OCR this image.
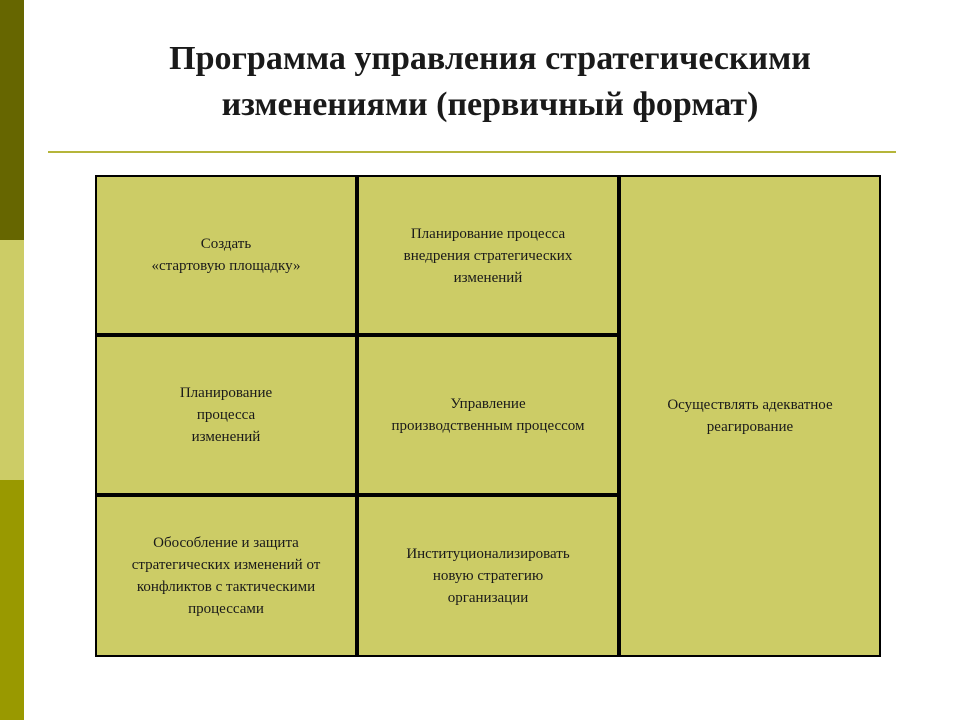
Программа управления стратегическими
изменениями (первичный формат)
Создать
«стартовую площадку»
Планирование процесса
внедрения стратегических
изменений
Осуществлять адекватное
реагирование
Планирование
процесса
изменений
Управление
производственным процессом
Обособление и защита
стратегических изменений от
конфликтов с тактическими
процессами
Институционализировать
новую стратегию
организации
